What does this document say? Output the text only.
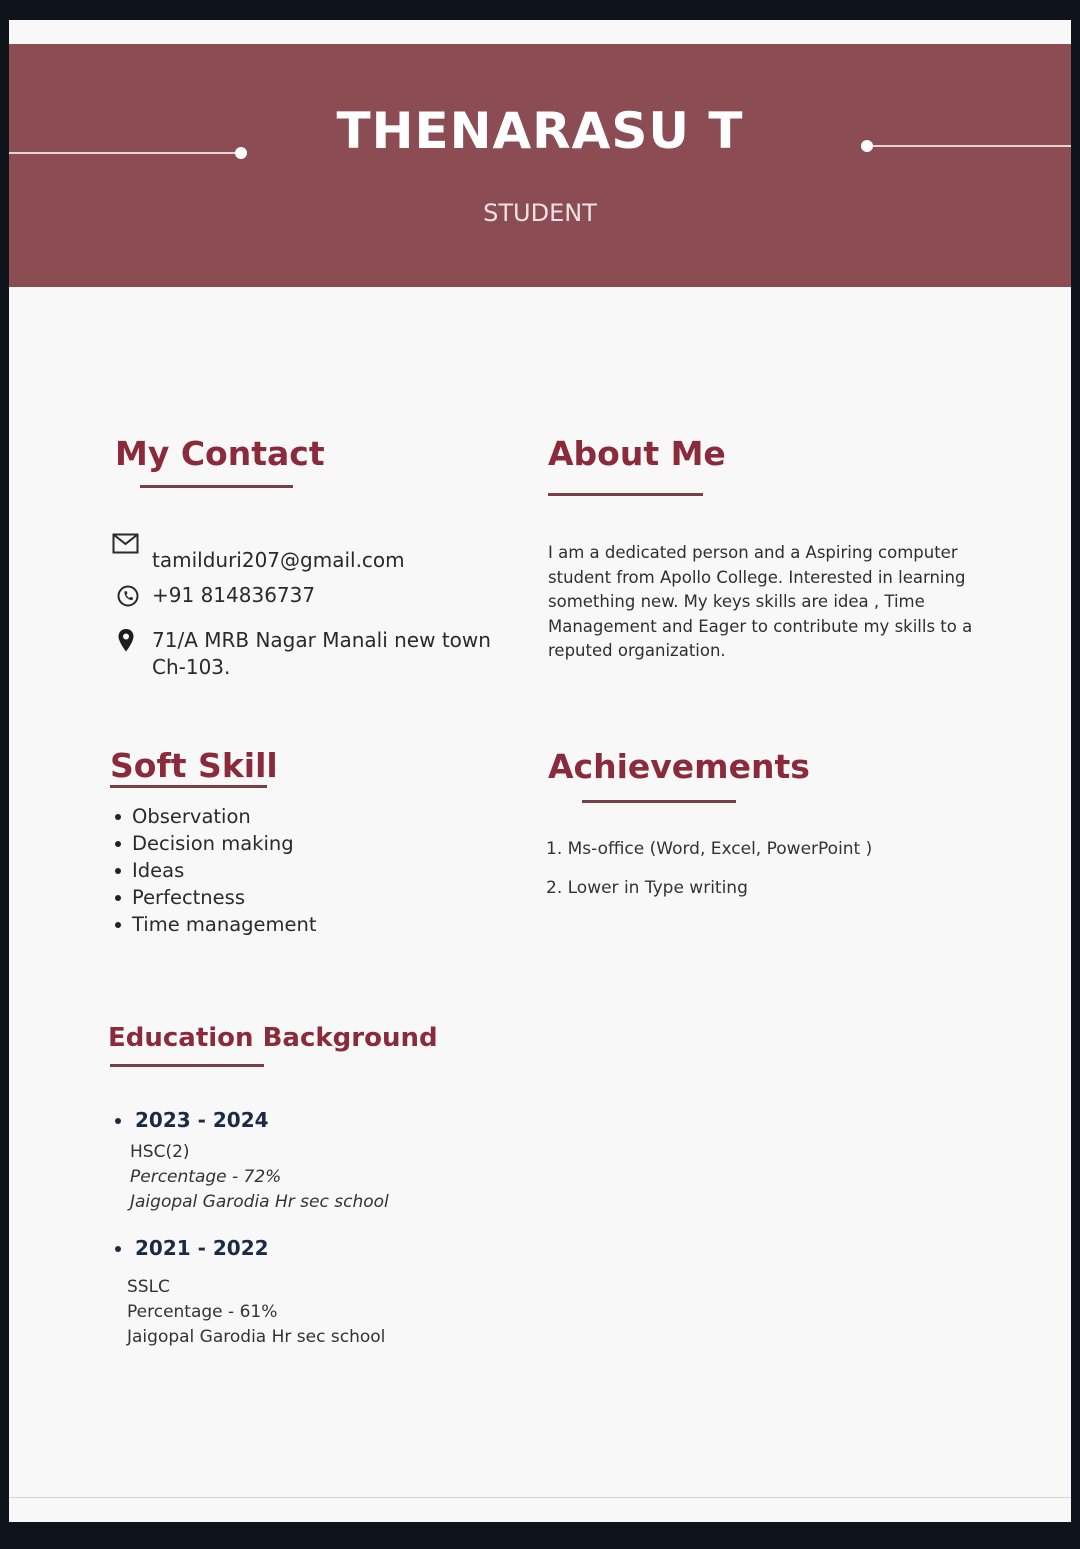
THENARASU T
STUDENT
My Contact
tamilduri207@gmail.com
+91 814836737
71/A MRB Nagar Manali new town
Ch-103.
About Me
I am a dedicated person and a Aspiring computer student from Apollo College. Interested in learning something new. My keys skills are idea , Time Management and Eager to contribute my skills to a reputed organization.
Soft Skill
Observation
Decision making
Ideas
Perfectness
Time management
Achievements
1. Ms-office (Word, Excel, PowerPoint )
2. Lower in Type writing
Education Background
2023 - 2024
HSC(2)
Percentage - 72%
Jaigopal Garodia Hr sec school
2021 - 2022
SSLC
Percentage - 61%
Jaigopal Garodia Hr sec school
